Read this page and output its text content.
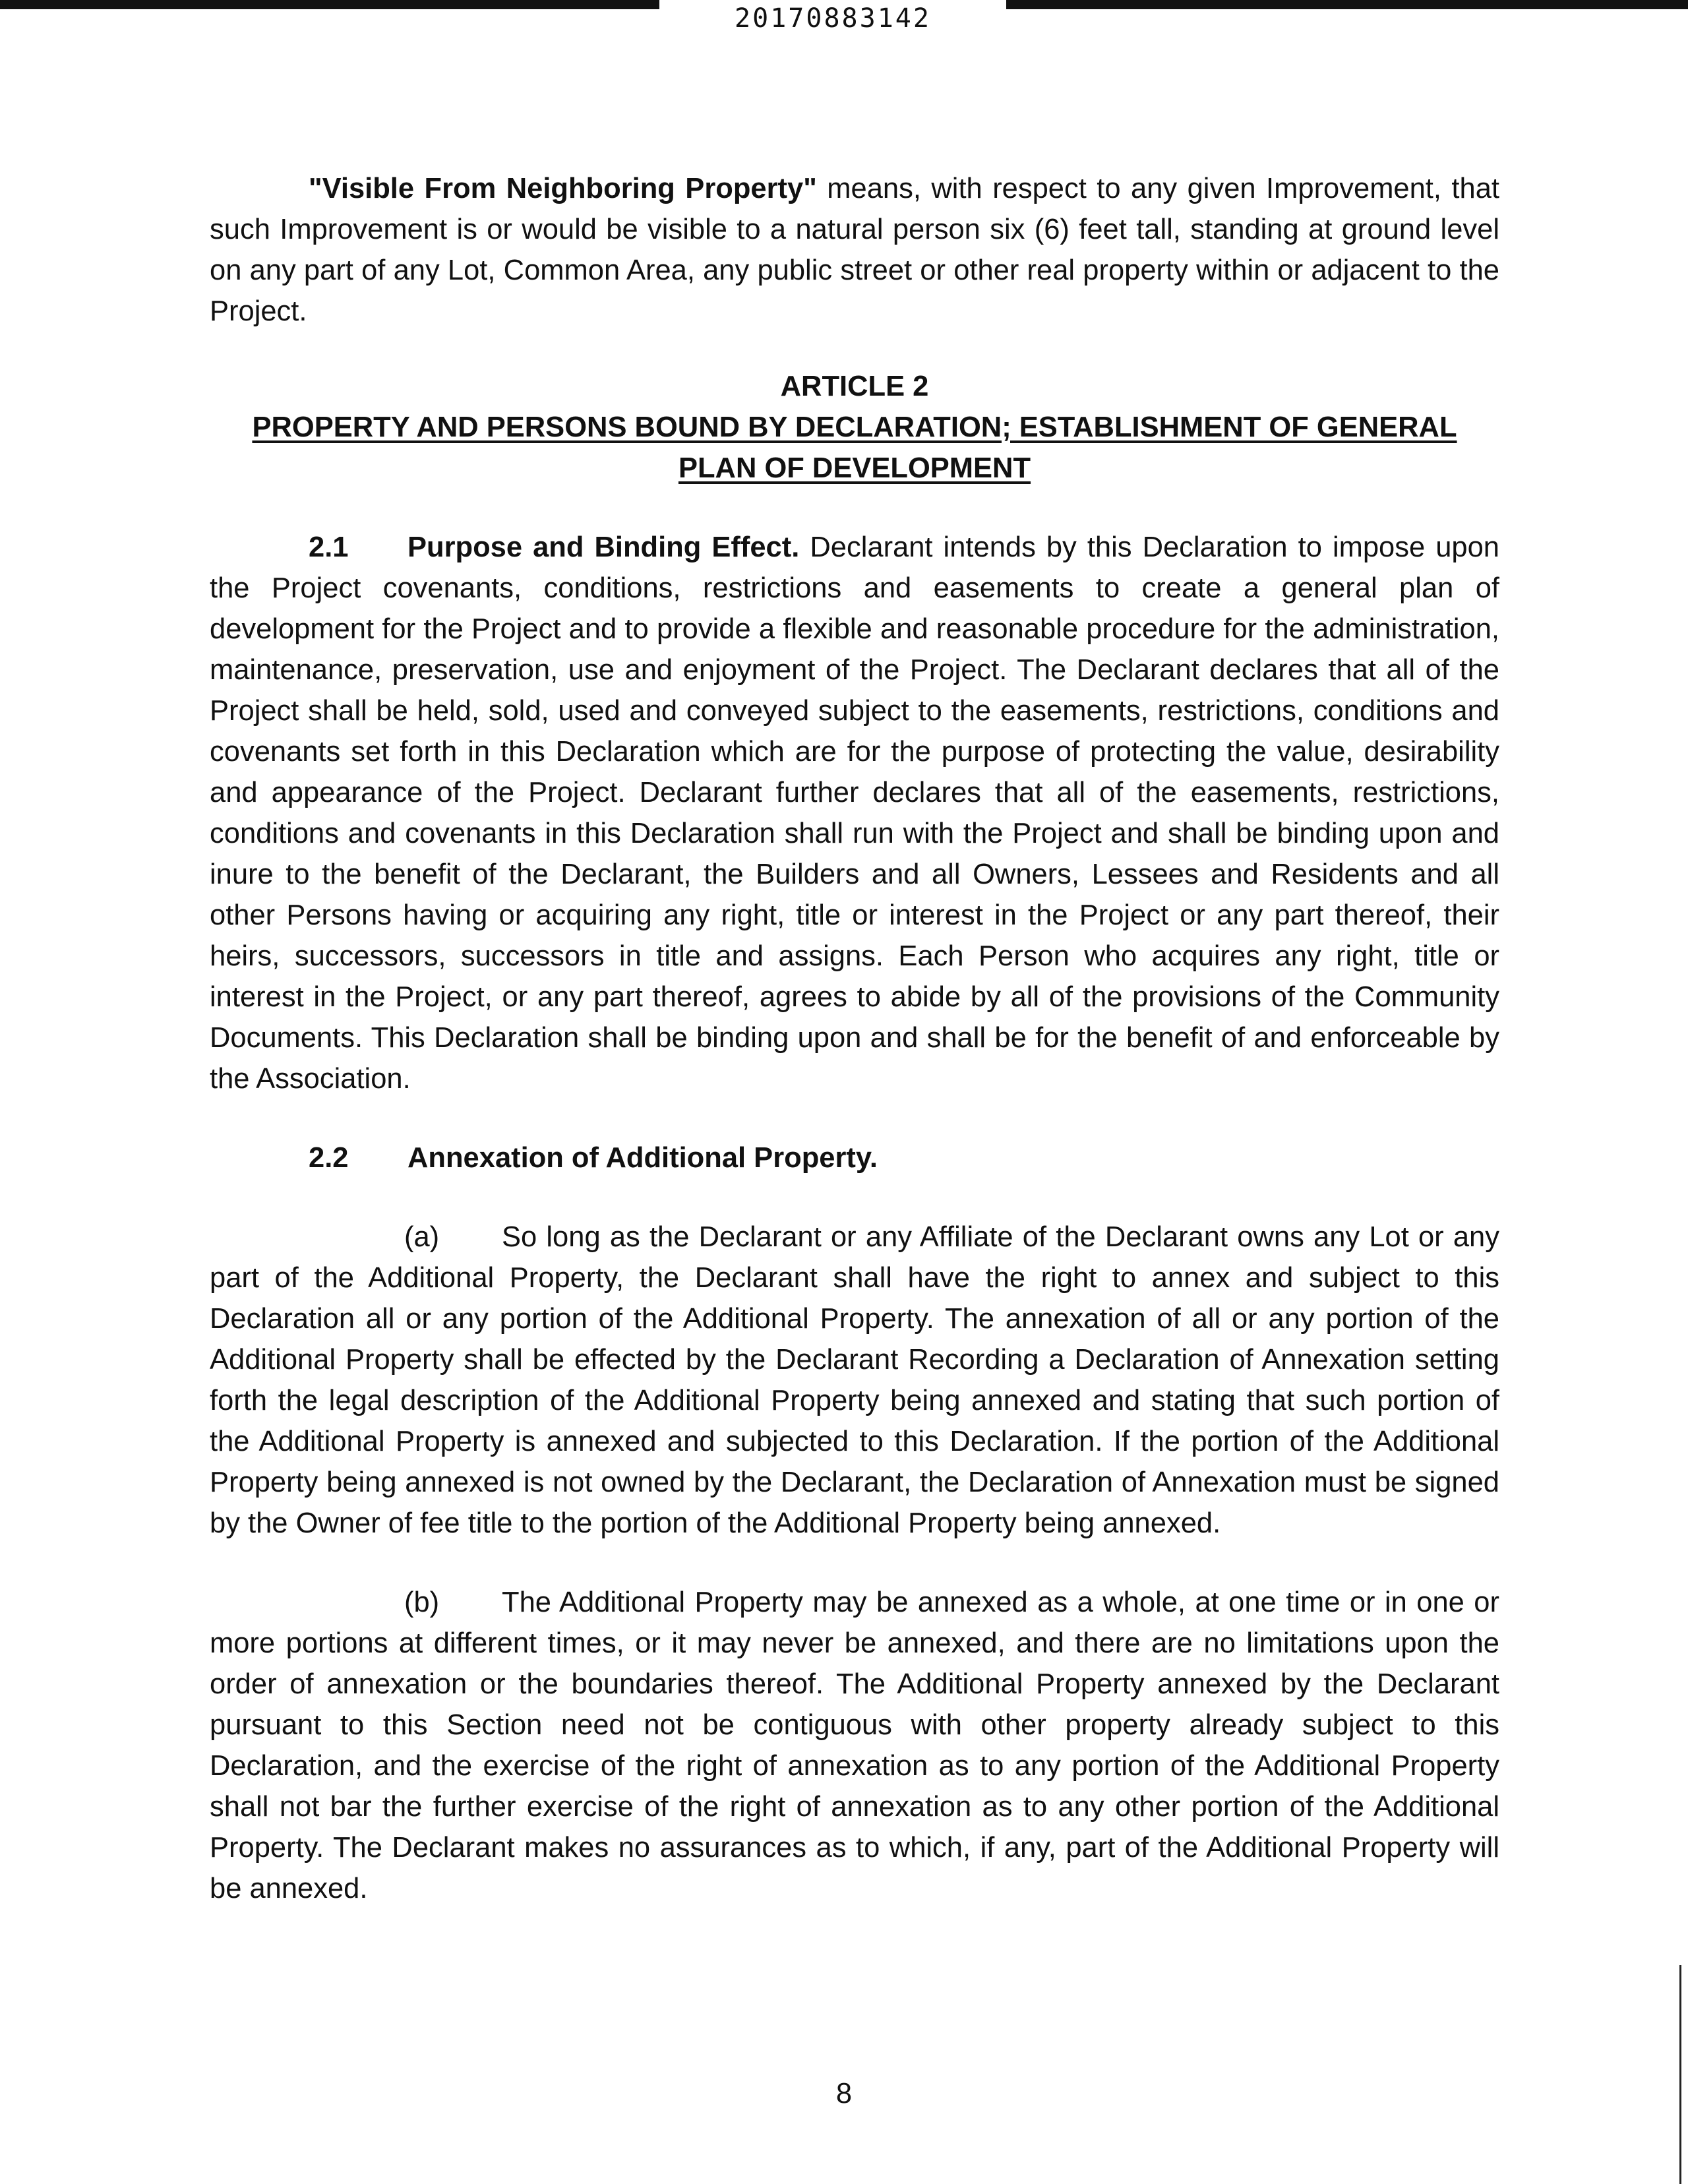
20170883142

"Visible From Neighboring Property" means, with respect to any given Improvement, that such Improvement is or would be visible to a natural person six (6) feet tall, standing at ground level on any part of any Lot, Common Area, any public street or other real property within or adjacent to the Project.

ARTICLE 2

PROPERTY AND PERSONS BOUND BY DECLARATION; ESTABLISHMENT OF GENERAL PLAN OF DEVELOPMENT

2.1 Purpose and Binding Effect. Declarant intends by this Declaration to impose upon the Project covenants, conditions, restrictions and easements to create a general plan of development for the Project and to provide a flexible and reasonable procedure for the administration, maintenance, preservation, use and enjoyment of the Project. The Declarant declares that all of the Project shall be held, sold, used and conveyed subject to the easements, restrictions, conditions and covenants set forth in this Declaration which are for the purpose of protecting the value, desirability and appearance of the Project. Declarant further declares that all of the easements, restrictions, conditions and covenants in this Declaration shall run with the Project and shall be binding upon and inure to the benefit of the Declarant, the Builders and all Owners, Lessees and Residents and all other Persons having or acquiring any right, title or interest in the Project or any part thereof, their heirs, successors, successors in title and assigns. Each Person who acquires any right, title or interest in the Project, or any part thereof, agrees to abide by all of the provisions of the Community Documents. This Declaration shall be binding upon and shall be for the benefit of and enforceable by the Association.

2.2 Annexation of Additional Property.

(a) So long as the Declarant or any Affiliate of the Declarant owns any Lot or any part of the Additional Property, the Declarant shall have the right to annex and subject to this Declaration all or any portion of the Additional Property. The annexation of all or any portion of the Additional Property shall be effected by the Declarant Recording a Declaration of Annexation setting forth the legal description of the Additional Property being annexed and stating that such portion of the Additional Property is annexed and subjected to this Declaration. If the portion of the Additional Property being annexed is not owned by the Declarant, the Declaration of Annexation must be signed by the Owner of fee title to the portion of the Additional Property being annexed.

(b) The Additional Property may be annexed as a whole, at one time or in one or more portions at different times, or it may never be annexed, and there are no limitations upon the order of annexation or the boundaries thereof. The Additional Property annexed by the Declarant pursuant to this Section need not be contiguous with other property already subject to this Declaration, and the exercise of the right of annexation as to any portion of the Additional Property shall not bar the further exercise of the right of annexation as to any other portion of the Additional Property. The Declarant makes no assurances as to which, if any, part of the Additional Property will be annexed.

8
